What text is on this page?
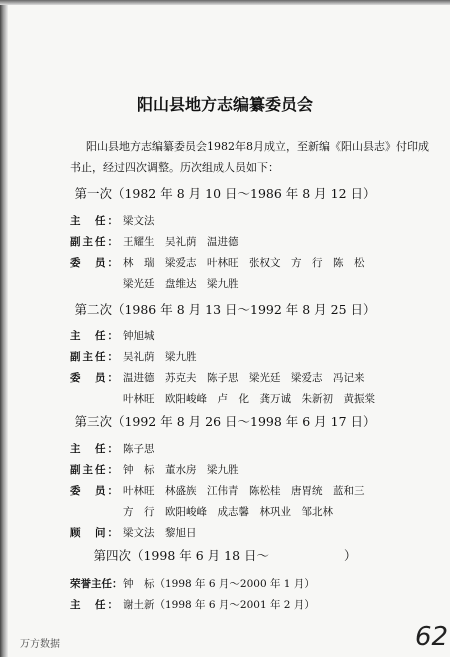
阳山县地方志编纂委员会
阳山县地方志编纂委员会1982年8月成立，至新编《阳山县志》付印成
书止，经过四次调整。历次组成人员如下：
第一次（1982 年 8 月 10 日～1986 年 8 月 12 日）
主　任： 梁文法
副主任： 王耀生　吴礼荫　温进德
委　员： 林　瑞　梁爱志　叶林旺　张权文　方　行　陈　松
梁光廷　盘维达　梁九胜
第二次（1986 年 8 月 13 日～1992 年 8 月 25 日）
主　任： 钟旭城
副主任： 吴礼荫　梁九胜
委　员： 温进德　苏克夫　陈子思　梁光廷　梁爱志　冯记来
叶林旺　欧阳峻峰　卢　化　龚万诚　朱新初　黄振棠
第三次（1992 年 8 月 26 日～1998 年 6 月 17 日）
主　任： 陈子思
副主任： 钟　标　董水房　梁九胜
委　员： 叶林旺　林盛族　江伟青　陈松桂　唐胃统　蓝和三
方　行　欧阳峻峰　成志馨　林巩业　邹北林
顾　问： 梁文法　黎旭日
第四次（1998 年 6 月 18 日～　　　　　　）
荣誉主任： 钟　标（1998 年 6 月～2000 年 1 月）
主　任： 谢土新（1998 年 6 月～2001 年 2 月）
万方数据	62
